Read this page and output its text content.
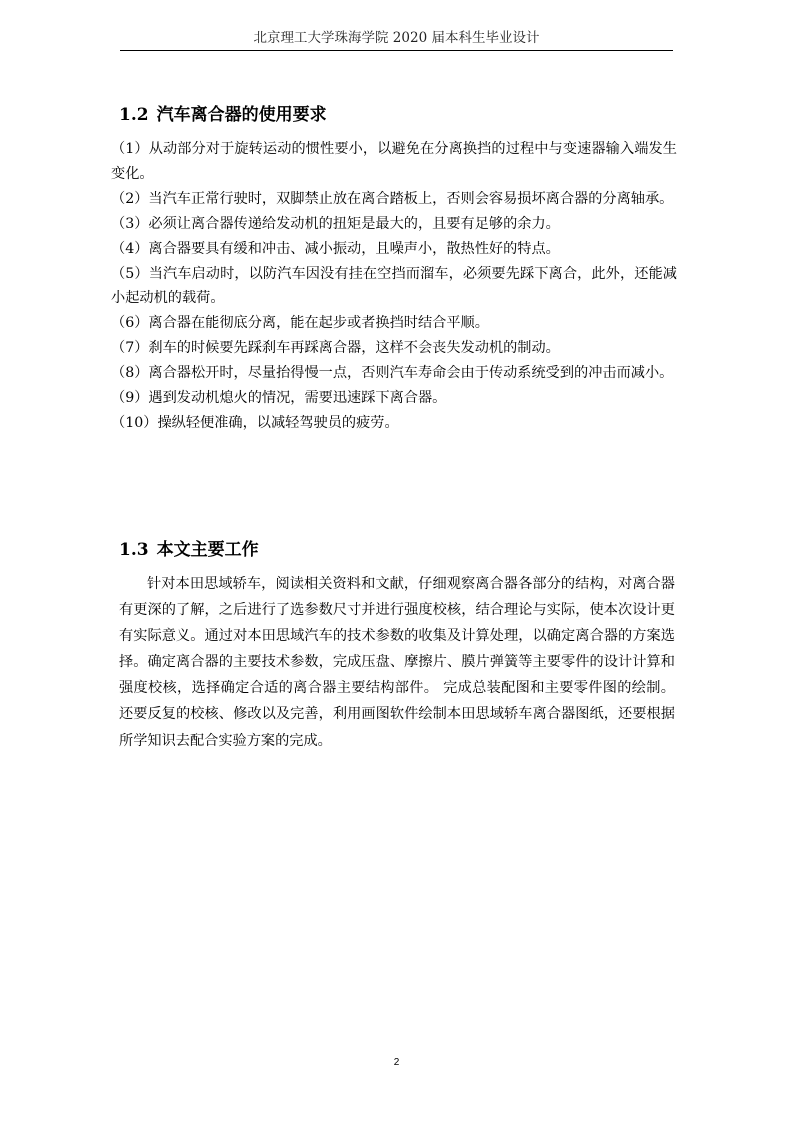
北京理工大学珠海学院 2020 届本科生毕业设计
1.2 汽车离合器的使用要求
（1）从动部分对于旋转运动的惯性要小，以避免在分离换挡的过程中与变速器输入端发生变化。
（2）当汽车正常行驶时，双脚禁止放在离合踏板上，否则会容易损坏离合器的分离轴承。
（3）必须让离合器传递给发动机的扭矩是最大的，且要有足够的余力。
（4）离合器要具有缓和冲击、减小振动，且噪声小，散热性好的特点。
（5）当汽车启动时，以防汽车因没有挂在空挡而溜车，必须要先踩下离合，此外，还能减小起动机的载荷。
（6）离合器在能彻底分离，能在起步或者换挡时结合平顺。
（7）刹车的时候要先踩刹车再踩离合器，这样不会丧失发动机的制动。
（8）离合器松开时，尽量抬得慢一点，否则汽车寿命会由于传动系统受到的冲击而减小。
（9）遇到发动机熄火的情况，需要迅速踩下离合器。
（10）操纵轻便准确，以减轻驾驶员的疲劳。
1.3 本文主要工作

针对本田思域轿车，阅读相关资料和文献，仔细观察离合器各部分的结构，对离合器有更深的了解，之后进行了选参数尺寸并进行强度校核，结合理论与实际，使本次设计更有实际意义。通过对本田思域汽车的技术参数的收集及计算处理，以确定离合器的方案选择。确定离合器的主要技术参数，完成压盘、摩擦片、膜片弹簧等主要零件的设计计算和强度校核，选择确定合适的离合器主要结构部件。 完成总装配图和主要零件图的绘制。还要反复的校核、修改以及完善，利用画图软件绘制本田思域轿车离合器图纸，还要根据所学知识去配合实验方案的完成。

2
